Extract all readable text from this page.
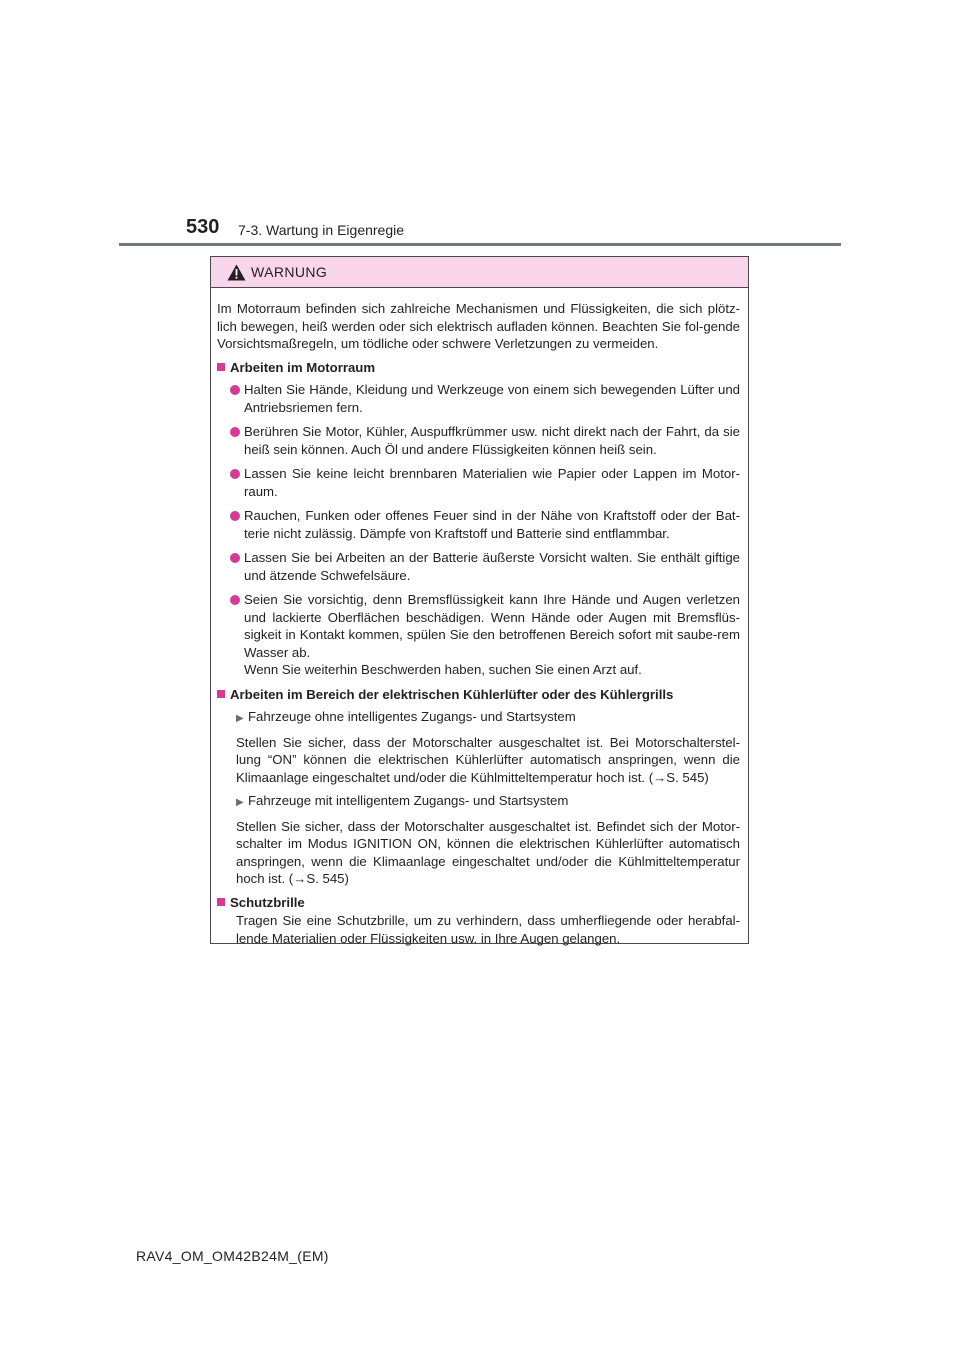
530 7-3. Wartung in Eigenregie
WARNUNG

Im Motorraum befinden sich zahlreiche Mechanismen und Flüssigkeiten, die sich plötz-lich bewegen, heiß werden oder sich elektrisch aufladen können. Beachten Sie fol-gende Vorsichtsmaßregeln, um tödliche oder schwere Verletzungen zu vermeiden.

Arbeiten im Motorraum
Halten Sie Hände, Kleidung und Werkzeuge von einem sich bewegenden Lüfter und Antriebsriemen fern.
Berühren Sie Motor, Kühler, Auspuffkrümmer usw. nicht direkt nach der Fahrt, da sie heiß sein können. Auch Öl und andere Flüssigkeiten können heiß sein.
Lassen Sie keine leicht brennbaren Materialien wie Papier oder Lappen im Motor-raum.
Rauchen, Funken oder offenes Feuer sind in der Nähe von Kraftstoff oder der Bat-terie nicht zulässig. Dämpfe von Kraftstoff und Batterie sind entflammbar.
Lassen Sie bei Arbeiten an der Batterie äußerste Vorsicht walten. Sie enthält giftige und ätzende Schwefelsäure.
Seien Sie vorsichtig, denn Bremsflüssigkeit kann Ihre Hände und Augen verletzen und lackierte Oberflächen beschädigen. Wenn Hände oder Augen mit Bremsflüs-sigkeit in Kontakt kommen, spülen Sie den betroffenen Bereich sofort mit saube-rem Wasser ab.
Wenn Sie weiterhin Beschwerden haben, suchen Sie einen Arzt auf.
Arbeiten im Bereich der elektrischen Kühlerlüfter oder des Kühlergrills
▶ Fahrzeuge ohne intelligentes Zugangs- und Startsystem

Stellen Sie sicher, dass der Motorschalter ausgeschaltet ist. Bei Motorschalterstel-lung “ON” können die elektrischen Kühlerlüfter automatisch anspringen, wenn die Klimaanlage eingeschaltet und/oder die Kühlmitteltemperatur hoch ist. (→S. 545)

▶ Fahrzeuge mit intelligentem Zugangs- und Startsystem

Stellen Sie sicher, dass der Motorschalter ausgeschaltet ist. Befindet sich der Motor-schalter im Modus IGNITION ON, können die elektrischen Kühlerlüfter automatisch anspringen, wenn die Klimaanlage eingeschaltet und/oder die Kühlmitteltemperatur hoch ist. (→S. 545)

Schutzbrille

Tragen Sie eine Schutzbrille, um zu verhindern, dass umherfliegende oder herabfal-lende Materialien oder Flüssigkeiten usw. in Ihre Augen gelangen.

RAV4_OM_OM42B24M_(EM)
